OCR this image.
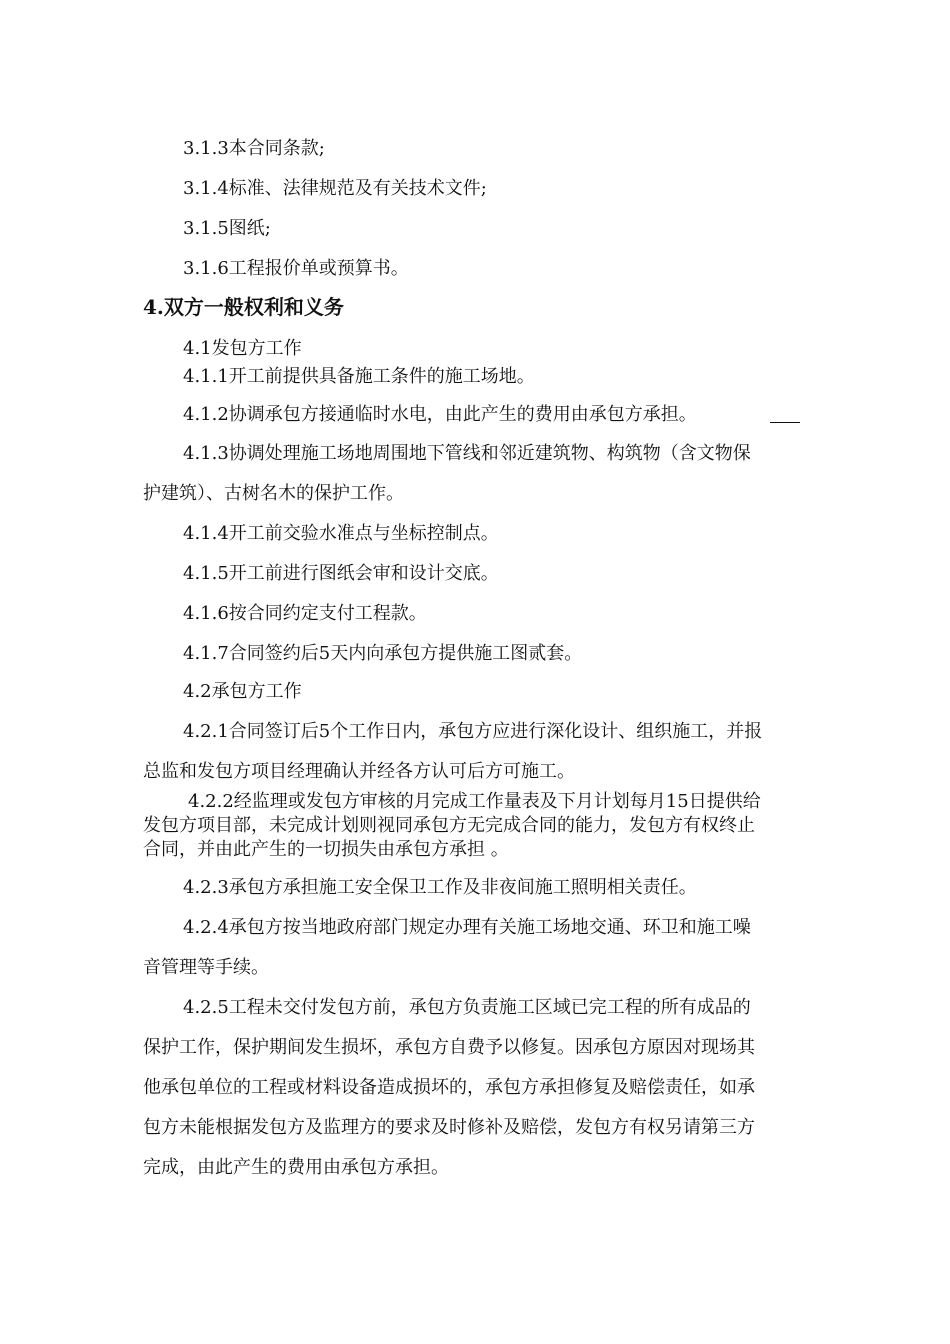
3.1.3本合同条款;

3.1.4标准、法律规范及有关技术文件;

3.1.5图纸;

3.1.6工程报价单或预算书。

4.双方一般权利和义务

4.1发包方工作

4.1.1开工前提供具备施工条件的施工场地。

4.1.2协调承包方接通临时水电，由此产生的费用由承包方承担。

4.1.3协调处理施工场地周围地下管线和邻近建筑物、构筑物（含文物保

护建筑）、古树名木的保护工作。

4.1.4开工前交验水准点与坐标控制点。

4.1.5开工前进行图纸会审和设计交底。

4.1.6按合同约定支付工程款。

4.1.7合同签约后5天内向承包方提供施工图贰套。

4.2承包方工作

4.2.1合同签订后5个工作日内，承包方应进行深化设计、组织施工，并报

总监和发包方项目经理确认并经各方认可后方可施工。

4.2.2经监理或发包方审核的月完成工作量表及下月计划每月15日提供给

发包方项目部，未完成计划则视同承包方无完成合同的能力，发包方有权终止

合同，并由此产生的一切损失由承包方承担 。

4.2.3承包方承担施工安全保卫工作及非夜间施工照明相关责任。

4.2.4承包方按当地政府部门规定办理有关施工场地交通、环卫和施工噪

音管理等手续。

4.2.5工程未交付发包方前，承包方负责施工区域已完工程的所有成品的

保护工作，保护期间发生损坏，承包方自费予以修复。因承包方原因对现场其

他承包单位的工程或材料设备造成损坏的，承包方承担修复及赔偿责任，如承

包方未能根据发包方及监理方的要求及时修补及赔偿，发包方有权另请第三方

完成，由此产生的费用由承包方承担。
